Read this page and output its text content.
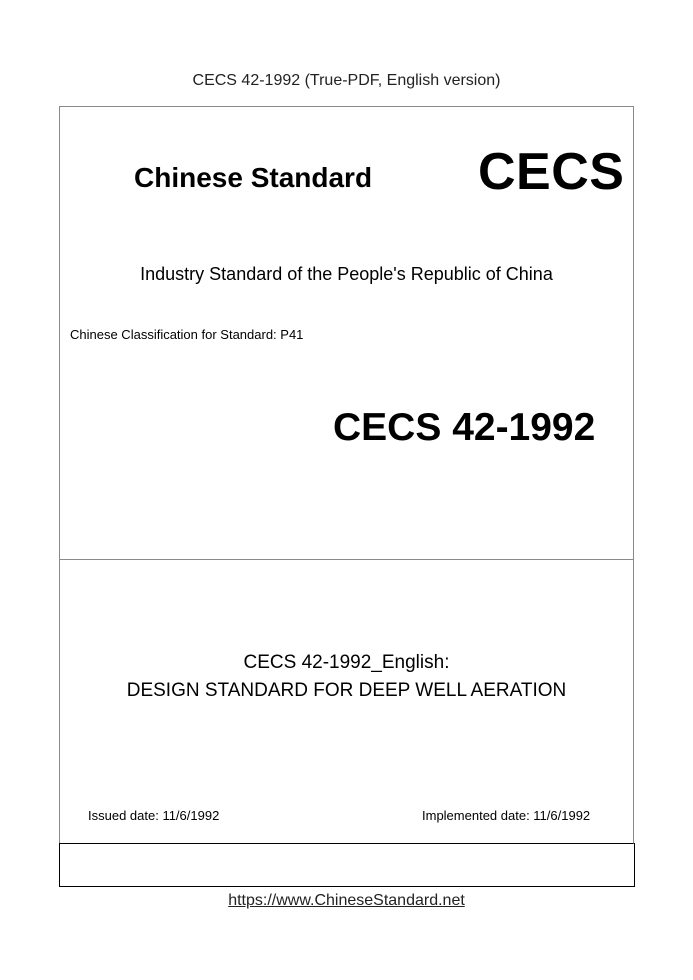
CECS 42-1992 (True-PDF, English version)
Chinese Standard CECS
Industry Standard of the People's Republic of China
Chinese Classification for Standard: P41
CECS 42-1992
CECS 42-1992_English:
DESIGN STANDARD FOR DEEP WELL AERATION
Issued date: 11/6/1992	Implemented date: 11/6/1992
https://www.ChineseStandard.net
